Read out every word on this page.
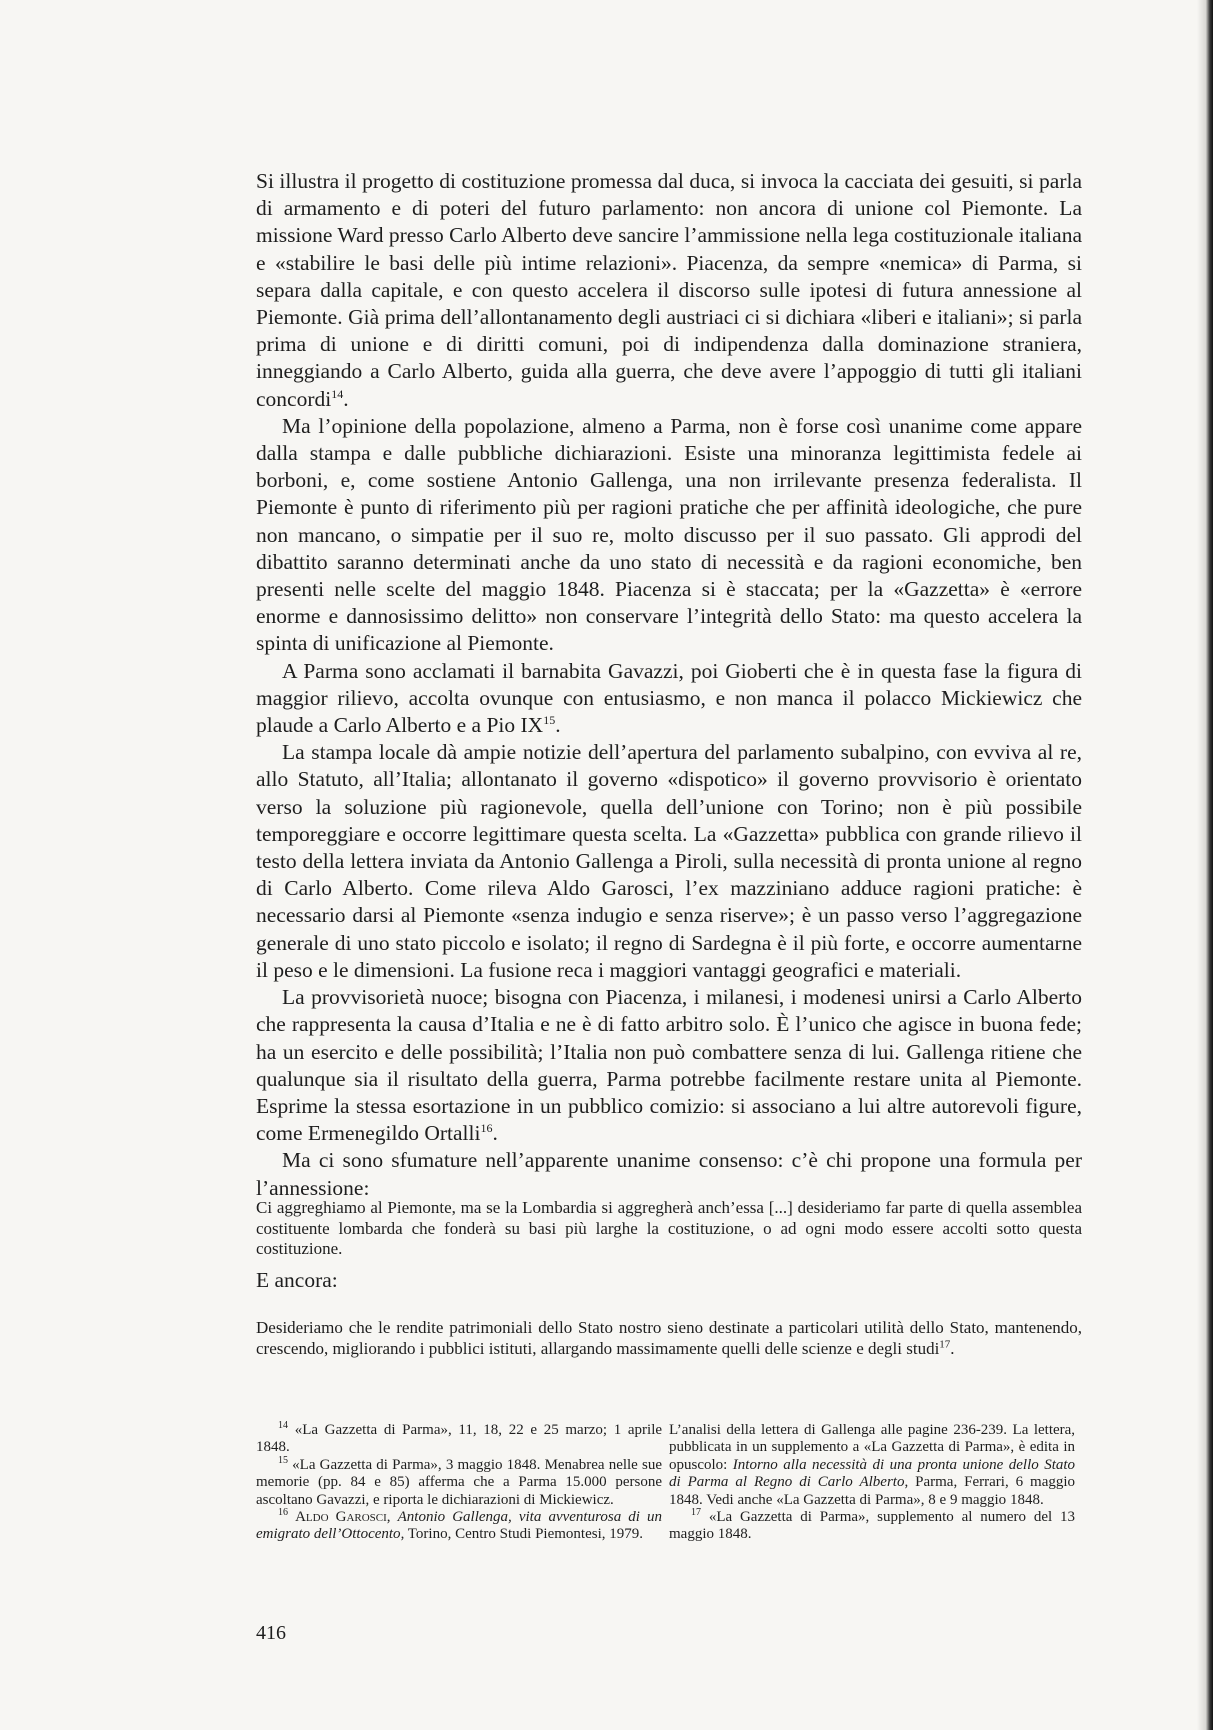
Si illustra il progetto di costituzione promessa dal duca, si invoca la cacciata dei gesuiti, si parla di armamento e di poteri del futuro parlamento: non ancora di unione col Piemonte. La missione Ward presso Carlo Alberto deve sancire l’ammissione nella lega costituzionale italiana e «stabilire le basi delle più intime relazioni». Piacenza, da sempre «nemica» di Parma, si separa dalla capitale, e con questo accelera il discorso sulle ipotesi di futura annessione al Piemonte. Già prima dell’allontanamento degli austriaci ci si dichiara «liberi e italiani»; si parla prima di unione e di diritti comuni, poi di indipendenza dalla dominazione straniera, inneggiando a Carlo Alberto, guida alla guerra, che deve avere l’appoggio di tutti gli italiani concordi$^{14}$.

Ma l’opinione della popolazione, almeno a Parma, non è forse così unanime come appare dalla stampa e dalle pubbliche dichiarazioni. Esiste una minoranza legittimista fedele ai borboni, e, come sostiene Antonio Gallenga, una non irrilevante presenza federalista. Il Piemonte è punto di riferimento più per ragioni pratiche che per affinità ideologiche, che pure non mancano, o simpatie per il suo re, molto discusso per il suo passato. Gli approdi del dibattito saranno determinati anche da uno stato di necessità e da ragioni economiche, ben presenti nelle scelte del maggio 1848. Piacenza si è staccata; per la «Gazzetta» è «errore enorme e dannosissimo delitto» non conservare l’integrità dello Stato: ma questo accelera la spinta di unificazione al Piemonte.

A Parma sono acclamati il barnabita Gavazzi, poi Gioberti che è in questa fase la figura di maggior rilievo, accolta ovunque con entusiasmo, e non manca il polacco Mickiewicz che plaude a Carlo Alberto e a Pio IX$^{15}$.

La stampa locale dà ampie notizie dell’apertura del parlamento subalpino, con evviva al re, allo Statuto, all’Italia; allontanato il governo «dispotico» il governo provvisorio è orientato verso la soluzione più ragionevole, quella dell’unione con Torino; non è più possibile temporeggiare e occorre legittimare questa scelta. La «Gazzetta» pubblica con grande rilievo il testo della lettera inviata da Antonio Gallenga a Piroli, sulla necessità di pronta unione al regno di Carlo Alberto. Come rileva Aldo Garosci, l’ex mazziniano adduce ragioni pratiche: è necessario darsi al Piemonte «senza indugio e senza riserve»; è un passo verso l’aggregazione generale di uno stato piccolo e isolato; il regno di Sardegna è il più forte, e occorre aumentarne il peso e le dimensioni. La fusione reca i maggiori vantaggi geografici e materiali.

La provvisorietà nuoce; bisogna con Piacenza, i milanesi, i modenesi unirsi a Carlo Alberto che rappresenta la causa d’Italia e ne è di fatto arbitro solo. È l’unico che agisce in buona fede; ha un esercito e delle possibilità; l’Italia non può combattere senza di lui. Gallenga ritiene che qualunque sia il risultato della guerra, Parma potrebbe facilmente restare unita al Piemonte. Esprime la stessa esortazione in un pubblico comizio: si associano a lui altre autorevoli figure, come Ermenegildo Ortalli$^{16}$.

Ma ci sono sfumature nell’apparente unanime consenso: c’è chi propone una formula per l’annessione:

Ci aggreghiamo al Piemonte, ma se la Lombardia si aggregherà anch’essa [...] desideriamo far parte di quella assemblea costituente lombarda che fonderà su basi più larghe la costituzione, o ad ogni modo essere accolti sotto questa costituzione.
E ancora:
Desideriamo che le rendite patrimoniali dello Stato nostro sieno destinate a particolari utilità dello Stato, mantenendo, crescendo, migliorando i pubblici istituti, allargando massimamente quelli delle scienze e degli studi$^{17}$.

$^{14}$ «La Gazzetta di Parma», 11, 18, 22 e 25 marzo; 1 aprile 1848.

$^{15}$ «La Gazzetta di Parma», 3 maggio 1848. Menabrea nelle sue memorie (pp. 84 e 85) afferma che a Parma 15.000 persone ascoltano Gavazzi, e riporta le dichiarazioni di Mickiewicz.

$^{16}$ Aldo Garosci, Antonio Gallenga, vita avventurosa di un emigrato dell’Ottocento, Torino, Centro Studi Piemontesi, 1979.

L’analisi della lettera di Gallenga alle pagine 236-239. La lettera, pubblicata in un supplemento a «La Gazzetta di Parma», è edita in opuscolo: Intorno alla necessità di una pronta unione dello Stato di Parma al Regno di Carlo Alberto, Parma, Ferrari, 6 maggio 1848. Vedi anche «La Gazzetta di Parma», 8 e 9 maggio 1848.

$^{17}$ «La Gazzetta di Parma», supplemento al numero del 13 maggio 1848.

416
